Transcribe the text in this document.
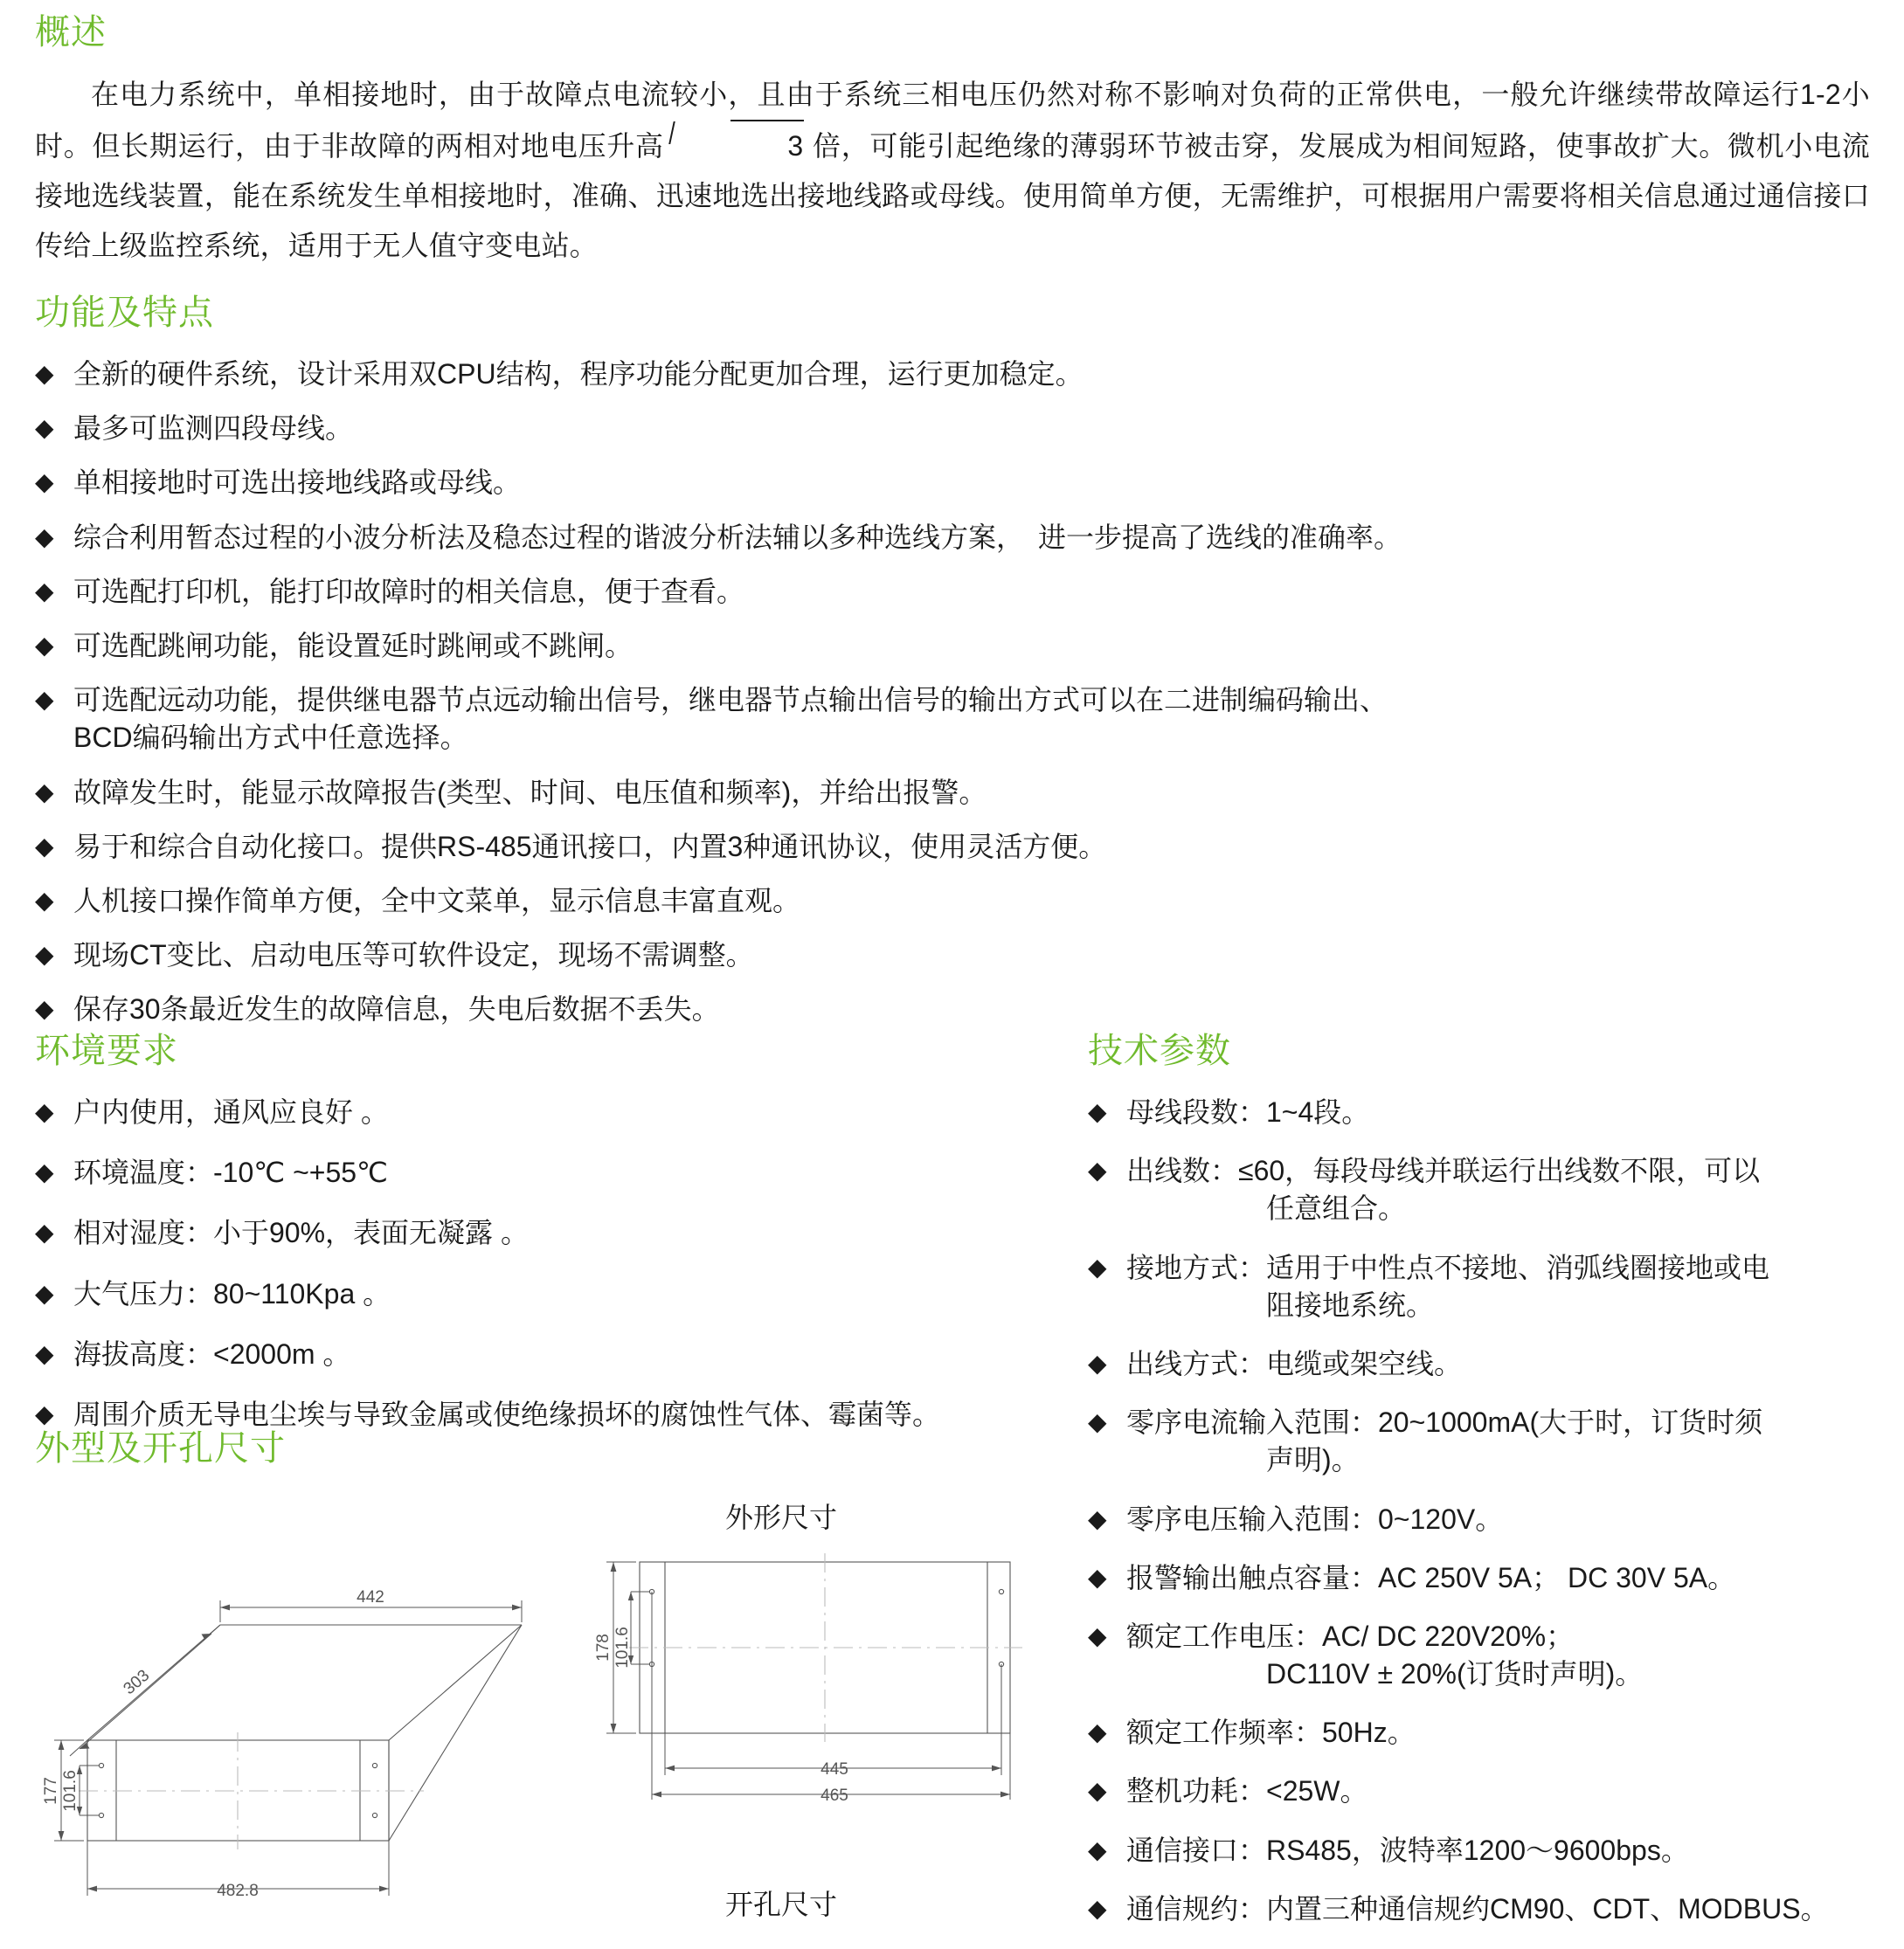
概述

在电力系统中，单相接地时，由于故障点电流较小，且由于系统三相电压仍然对称不影响对负荷的正常供电，一般允许继续带故障运行1-2小时。但长期运行，由于非故障的两相对地电压升高	3 倍，可能引起绝缘的薄弱环节被击穿，发展成为相间短路，使事故扩大。微机小电流接地选线装置，能在系统发生单相接地时，准确、迅速地选出接地线路或母线。使用简单方便，无需维护，可根据用户需要将相关信息通过通信接口传给上级监控系统，适用于无人值守变电站。

功能及特点
◆ 全新的硬件系统，设计采用双CPU结构，程序功能分配更加合理，运行更加稳定。
◆ 最多可监测四段母线。
◆ 单相接地时可选出接地线路或母线。
◆ 综合利用暂态过程的小波分析法及稳态过程的谐波分析法辅以多种选线方案，　进一步提高了选线的准确率。
◆ 可选配打印机，能打印故障时的相关信息，便于查看。
◆ 可选配跳闸功能，能设置延时跳闸或不跳闸。
◆ 可选配远动功能，提供继电器节点远动输出信号，继电器节点输出信号的输出方式可以在二进制编码输出、
BCD编码输出方式中任意选择。
◆ 故障发生时，能显示故障报告(类型、时间、电压值和频率)，并给出报警。
◆ 易于和综合自动化接口。提供RS-485通讯接口，内置3种通讯协议，使用灵活方便。
◆ 人机接口操作简单方便，全中文菜单，显示信息丰富直观。
◆ 现场CT变比、启动电压等可软件设定，现场不需调整。
◆ 保存30条最近发生的故障信息，失电后数据不丢失。
环境要求
◆ 户内使用，通风应良好 。
◆ 环境温度：-10℃ ~+55℃
◆ 相对湿度：小于90%，表面无凝露 。
◆ 大气压力：80~110Kpa 。
◆ 海拔高度：<2000m 。
◆ 周围介质无导电尘埃与导致金属或使绝缘损坏的腐蚀性气体、霉菌等。
技术参数
◆ 母线段数：1~4段。
◆ 出线数：≤60，每段母线并联运行出线数不限，可以
任意组合。
◆ 接地方式：适用于中性点不接地、消弧线圈接地或电
阻接地系统。
◆ 出线方式：电缆或架空线。
◆ 零序电流输入范围：20~1000mA(大于时，订货时须
声明)。
◆ 零序电压输入范围：0~120V。
◆ 报警输出触点容量：AC 250V 5A； DC 30V 5A。
◆ 额定工作电压：AC/ DC 220V20%；
DC110V ± 20%(订货时声明)。
◆ 额定工作频率：50Hz。
◆ 整机功耗：<25W。
◆ 通信接口：RS485，波特率1200～9600bps。
◆ 通信规约：内置三种通信规约CM90、CDT、MODBUS。
外型及开孔尺寸
外形尺寸
开孔尺寸
442
303
177 101.6
482.8
178 101.6
445
465
